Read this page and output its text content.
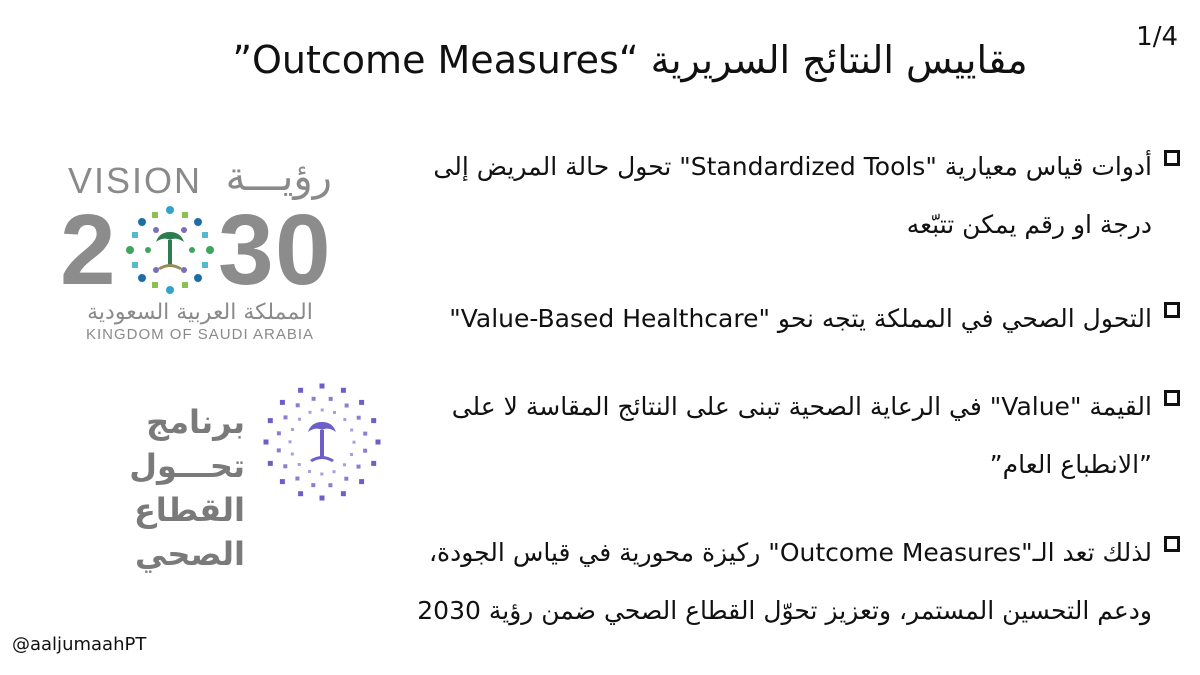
1/4
مقاييس النتائج السريرية “Outcome Measures”
أدوات قياس معيارية "Standardized Tools" تحول حالة المريض إلى
درجة او رقم يمكن تتبّعه
التحول الصحي في المملكة يتجه نحو "Value-Based Healthcare"
القيمة "Value" في الرعاية الصحية تبنى على النتائج المقاسة لا على
”الانطباع العام”
لذلك تعد الـ"Outcome Measures" ركيزة محورية في قياس الجودة،
ودعم التحسين المستمر، وتعزيز تحوّل القطاع الصحي ضمن رؤية 2030
VISION رؤيـــة
2 3 0
المملكة العربية السعودية
KINGDOM OF SAUDI ARABIA
برنامج تحـــول
القطاع الصحي
@aaljumaahPT
